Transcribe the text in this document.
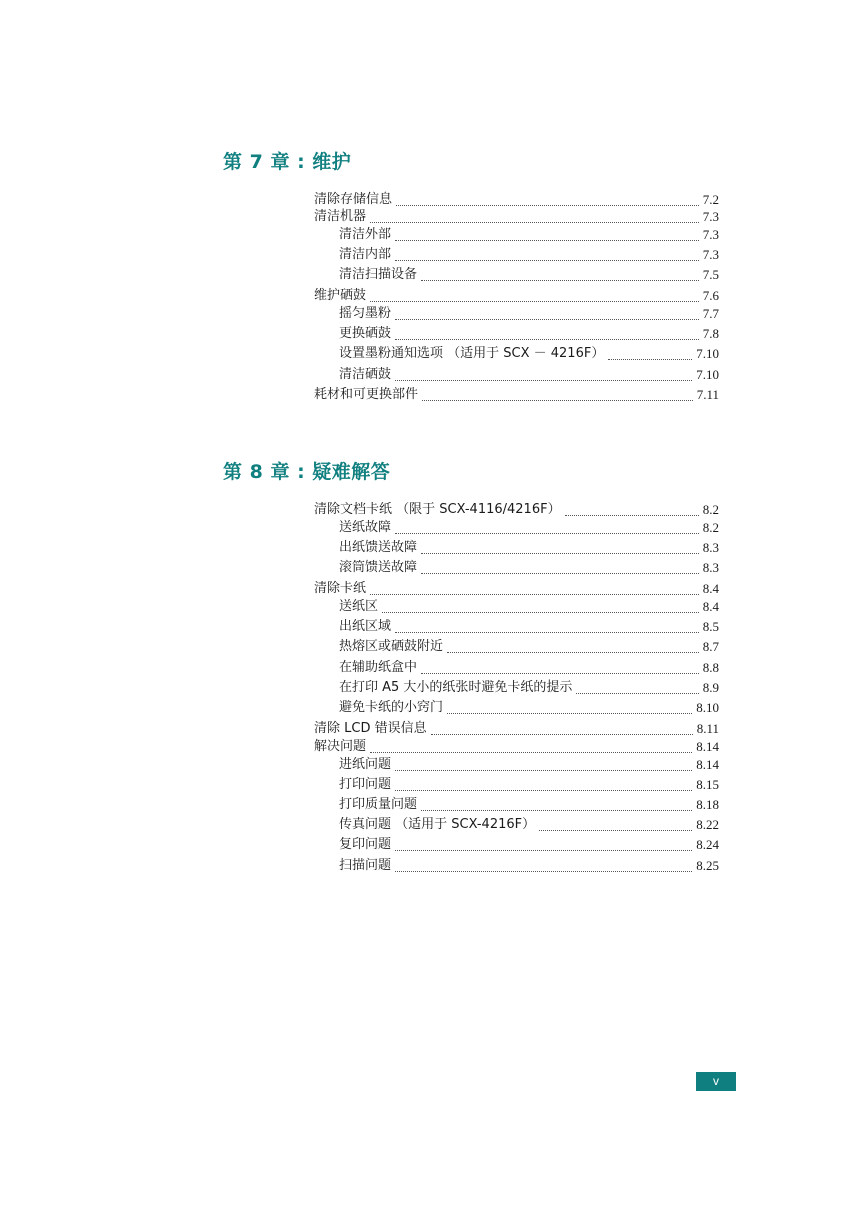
第 7 章 : 维护
清除存储信息	7.2
清洁机器	7.3
清洁外部	7.3
清洁内部	7.3
清洁扫描设备	7.5
维护硒鼓	7.6
摇匀墨粉	7.7
更换硒鼓	7.8
设置墨粉通知选项 （适用于 SCX － 4216F）	7.10
清洁硒鼓	7.10
耗材和可更换部件	7.11
第 8 章 : 疑难解答
清除文档卡纸 （限于 SCX-4116/4216F）	8.2
送纸故障	8.2
出纸馈送故障	8.3
滚筒馈送故障	8.3
清除卡纸	8.4
送纸区	8.4
出纸区域	8.5
热熔区或硒鼓附近	8.7
在辅助纸盒中	8.8
在打印 A5 大小的纸张时避免卡纸的提示	8.9
避免卡纸的小窍门	8.10
清除 LCD 错误信息	8.11
解决问题	8.14
进纸问题	8.14
打印问题	8.15
打印质量问题	8.18
传真问题 （适用于 SCX-4216F）	8.22
复印问题	8.24
扫描问题	8.25
v
